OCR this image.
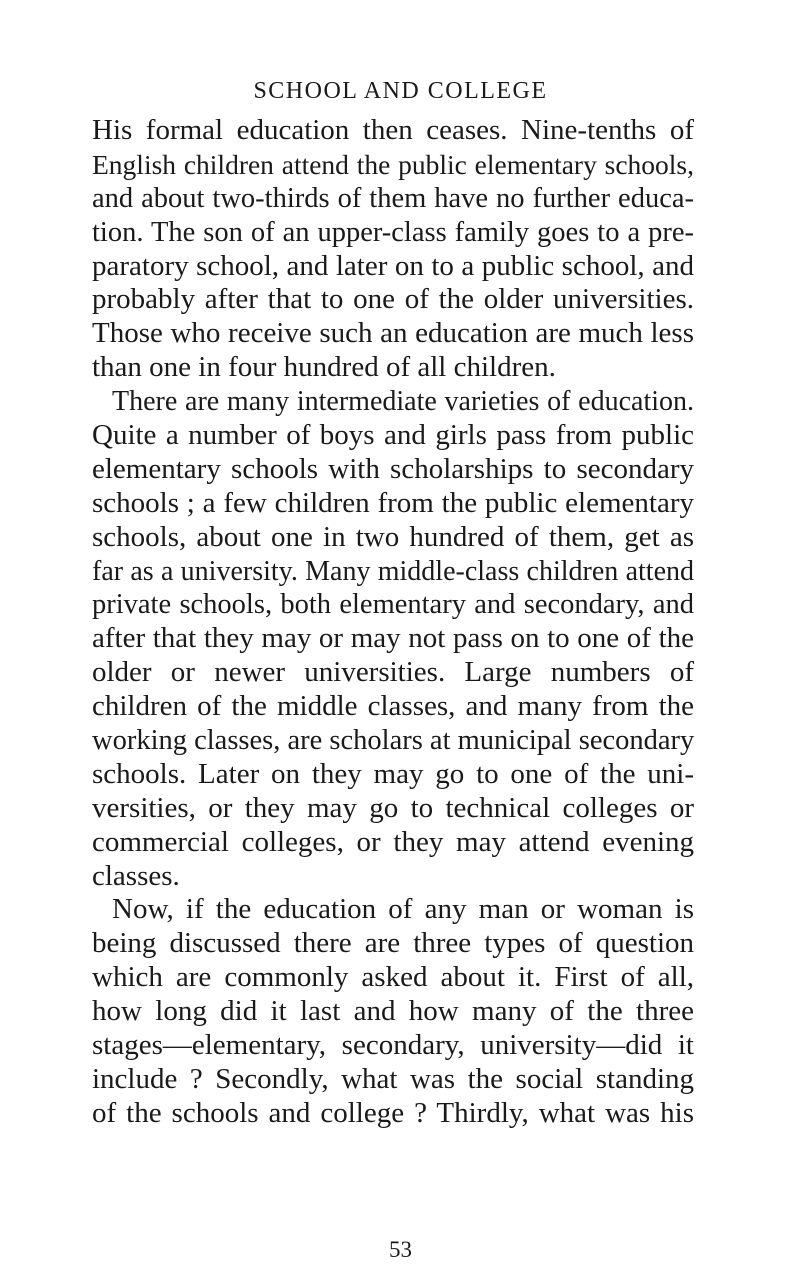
SCHOOL AND COLLEGE
His formal education then ceases. Nine-tenths of
English children attend the public elementary schools,
and about two-thirds of them have no further educa-
tion. The son of an upper-class family goes to a pre-
paratory school, and later on to a public school, and
probably after that to one of the older universities.
Those who receive such an education are much less
than one in four hundred of all children.
There are many intermediate varieties of education.
Quite a number of boys and girls pass from public
elementary schools with scholarships to secondary
schools ; a few children from the public elementary
schools, about one in two hundred of them, get as
far as a university. Many middle-class children attend
private schools, both elementary and secondary, and
after that they may or may not pass on to one of the
older or newer universities. Large numbers of
children of the middle classes, and many from the
working classes, are scholars at municipal secondary
schools. Later on they may go to one of the uni-
versities, or they may go to technical colleges or
commercial colleges, or they may attend evening
classes.
Now, if the education of any man or woman is
being discussed there are three types of question
which are commonly asked about it. First of all,
how long did it last and how many of the three
stages—elementary, secondary, university—did it
include ? Secondly, what was the social standing
of the schools and college ? Thirdly, what was his
53
